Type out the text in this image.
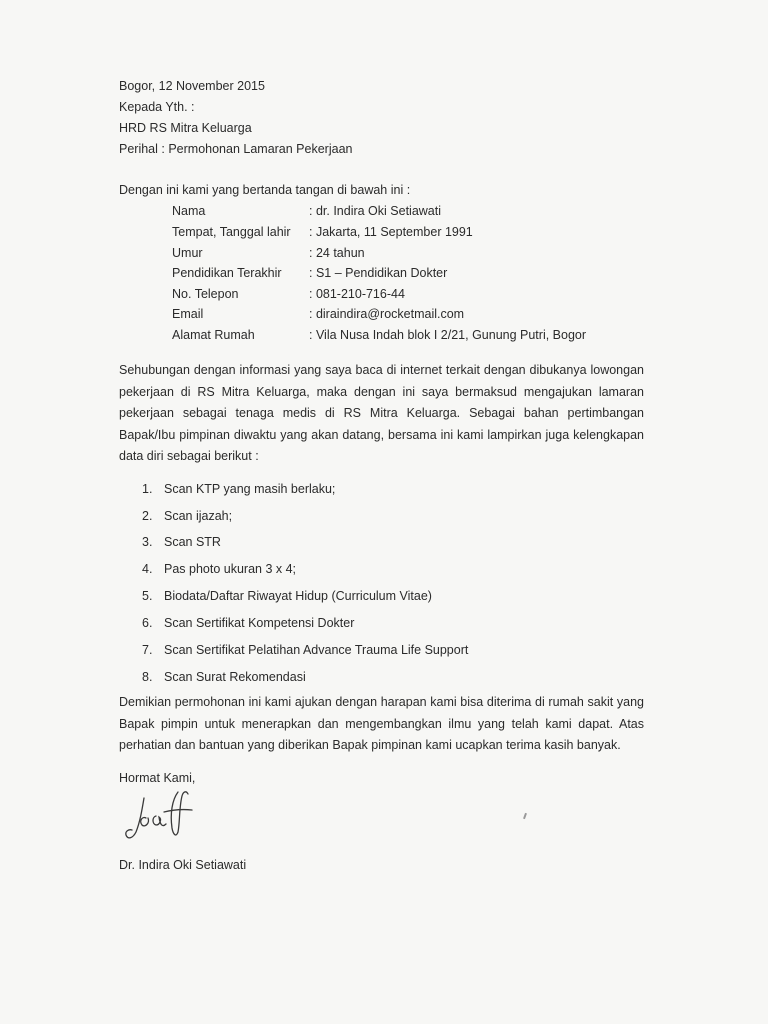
Bogor, 12 November 2015
Kepada Yth. :
HRD RS Mitra Keluarga
Perihal : Permohonan Lamaran Pekerjaan
Dengan ini kami yang bertanda tangan di bawah ini :
Nama	: dr. Indira Oki Setiawati
Tempat, Tanggal lahir : Jakarta, 11 September 1991
Umur	: 24 tahun
Pendidikan Terakhir : S1 – Pendidikan Dokter
No. Telepon	: 081-210-716-44
Email	: diraindira@rocketmail.com
Alamat Rumah	: Vila Nusa Indah blok I 2/21, Gunung Putri, Bogor
Sehubungan dengan informasi yang saya baca di internet terkait dengan dibukanya lowongan pekerjaan di RS Mitra Keluarga, maka dengan ini saya bermaksud mengajukan lamaran pekerjaan sebagai tenaga medis di RS Mitra Keluarga. Sebagai bahan pertimbangan Bapak/Ibu pimpinan diwaktu yang akan datang, bersama ini kami lampirkan juga kelengkapan data diri sebagai berikut :
1. Scan KTP yang masih berlaku;
2. Scan ijazah;
3. Scan STR
4. Pas photo ukuran 3 x 4;
5. Biodata/Daftar Riwayat Hidup (Curriculum Vitae)
6. Scan Sertifikat Kompetensi Dokter
7. Scan Sertifikat Pelatihan Advance Trauma Life Support
8. Scan Surat Rekomendasi
Demikian permohonan ini kami ajukan dengan harapan kami bisa diterima di rumah sakit yang Bapak pimpin untuk menerapkan dan mengembangkan ilmu yang telah kami dapat. Atas perhatian dan bantuan yang diberikan Bapak pimpinan kami ucapkan terima kasih banyak.
Hormat Kami,
Dr. Indira Oki Setiawati
